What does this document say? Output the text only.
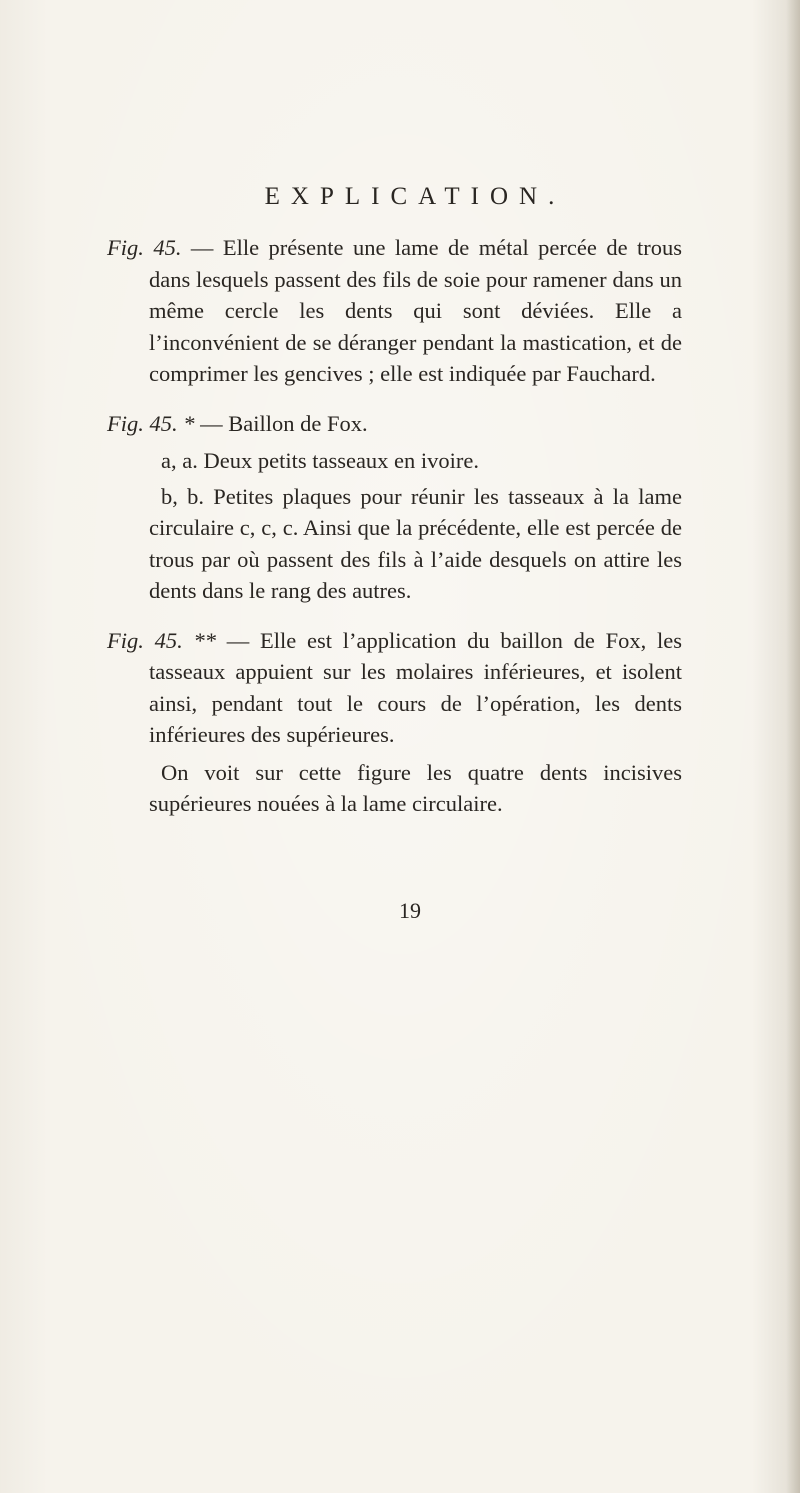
EXPLICATION.

Fig. 45. — Elle présente une lame de métal percée de trous dans lesquels passent des fils de soie pour ramener dans un même cercle les dents qui sont déviées. Elle a l’inconvénient de se déranger pendant la mastication, et de comprimer les gencives ; elle est indiquée par Fauchard.

Fig. 45. * — Baillon de Fox.

a, a. Deux petits tasseaux en ivoire.

b, b. Petites plaques pour réunir les tasseaux à la lame circulaire c, c, c. Ainsi que la précédente, elle est percée de trous par où passent des fils à l’aide desquels on attire les dents dans le rang des autres.

Fig. 45. ** — Elle est l’application du baillon de Fox, les tasseaux appuient sur les molaires inférieures, et isolent ainsi, pendant tout le cours de l’opération, les dents inférieures des supérieures.

On voit sur cette figure les quatre dents incisives supérieures nouées à la lame circulaire.

19
